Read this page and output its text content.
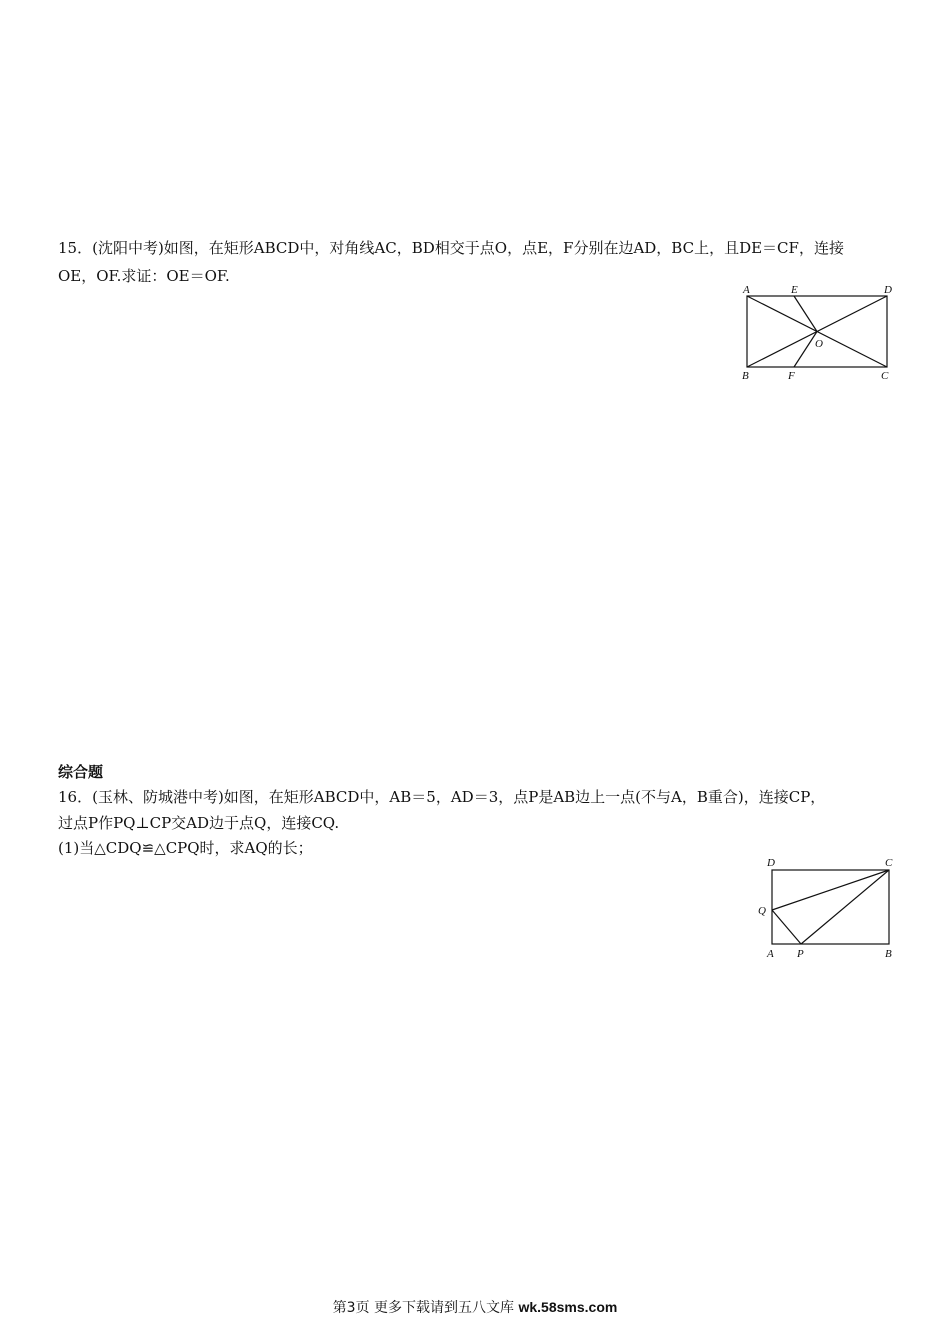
15．(沈阳中考)如图，在矩形ABCD中，对角线AC，BD相交于点O，点E，F分别在边AD，BC上，且DE＝CF，连接
OE，OF.求证：OE＝OF.
A	E	D
O
B	F	C
综合题
16．(玉林、防城港中考)如图，在矩形ABCD中，AB＝5，AD＝3，点P是AB边上一点(不与A，B重合)，连接CP，
过点P作PQ⊥CP交AD边于点Q，连接CQ.
(1)当△CDQ≌△CPQ时，求AQ的长；
D	C
Q
A P	B
第3页 更多下载请到五八文库 wk.58sms.com
